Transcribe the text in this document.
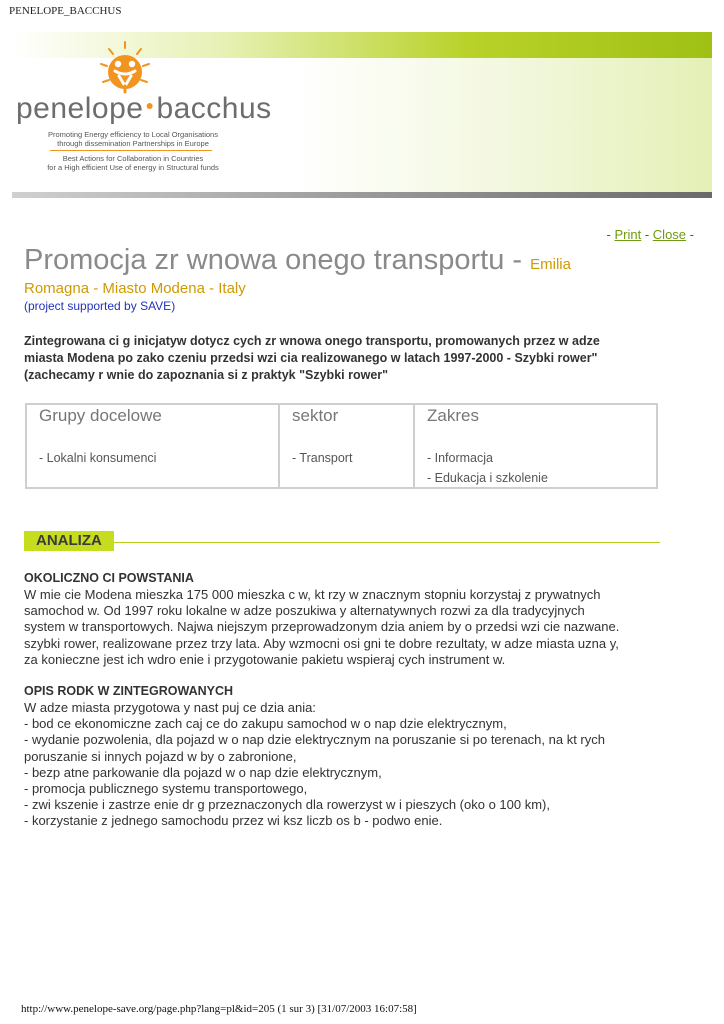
PENELOPE_BACCHUS
penelope ●bacchus
Promoting Energy efficiency to Local Organisations
through dissemination Partnerships in Europe
Best Actions for Collaboration in Countries
for a High efficient Use of energy in Structural funds
- Print - Close -
Promocja zr wnowa onego transportu - Emilia
Romagna - Miasto Modena - Italy
(project supported by SAVE)
Zintegrowana ci g inicjatyw dotycz cych zr wnowa onego transportu, promowanych przez w adze
miasta Modena po zako czeniu przedsi wzi cia realizowanego w latach 1997-2000 - Szybki rower"
(zachecamy r wnie do zapoznania si z praktyk "Szybki rower"
Grupy docelowe
- Lokalni konsumenci
sektor
- Transport
Zakres
- Informacja
- Edukacja i szkolenie
ANALIZA
OKOLICZNO CI POWSTANIA
W mie cie Modena mieszka 175 000 mieszka c w, kt rzy w znacznym stopniu korzystaj z prywatnych
samochod w. Od 1997 roku lokalne w adze poszukiwa y alternatywnych rozwi za dla tradycyjnych
system w transportowych. Najwa niejszym przeprowadzonym dzia aniem by o przedsi wzi cie nazwane.
szybki rower, realizowane przez trzy lata. Aby wzmocni osi gni te dobre rezultaty, w adze miasta uzna y,
za konieczne jest ich wdro enie i przygotowanie pakietu wspieraj cych instrument w.
OPIS RODK W ZINTEGROWANYCH
W adze miasta przygotowa y nast puj ce dzia ania:
- bod ce ekonomiczne zach caj ce do zakupu samochod w o nap dzie elektrycznym,
- wydanie pozwolenia, dla pojazd w o nap dzie elektrycznym na poruszanie si po terenach, na kt rych
poruszanie si innych pojazd w by o zabronione,
- bezp atne parkowanie dla pojazd w o nap dzie elektrycznym,
- promocja publicznego systemu transportowego,
- zwi kszenie i zastrze enie dr g przeznaczonych dla rowerzyst w i pieszych (oko o 100 km),
- korzystanie z jednego samochodu przez wi ksz liczb os b - podwo enie.
http://www.penelope-save.org/page.php?lang=pl&id=205 (1 sur 3) [31/07/2003 16:07:58]
